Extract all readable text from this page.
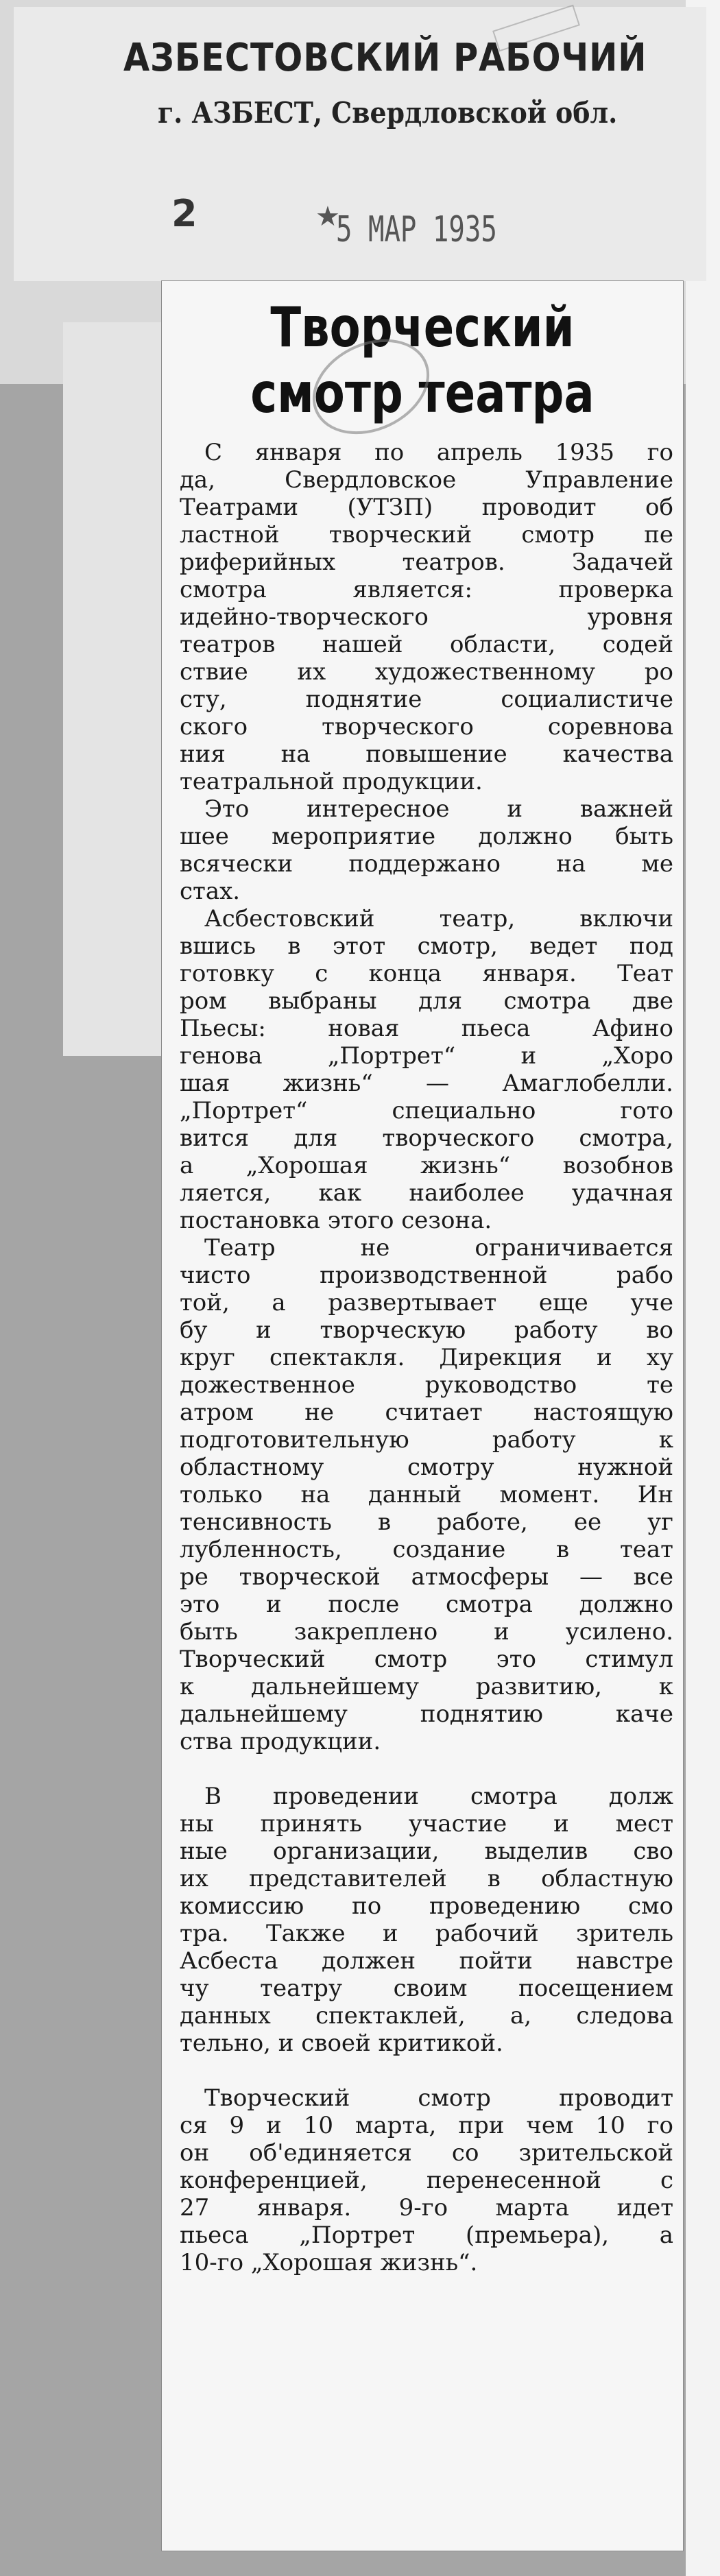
АЗБЕСТОВСКИЙ РАБОЧИЙ
г. АЗБЕСТ, Свердловской обл.
2	★
5 МАР 1935
Творческий
смотр театра
С января по апрель 1935 го
да, Свердловское Управление
Театрами (УТЗП) проводит об
ластной творческий смотр пе
риферийных театров. Задачей
смотра является: проверка
идейно-творческого уровня
театров нашей области, содей
ствие их художественному ро
сту, поднятие социалистиче
ского творческого соревнова
ния на повышение качества
театральной продукции.
Это интересное и важней
шее мероприятие должно быть
всячески поддержано на ме
стах.
Асбестовский театр, включи
вшись в этот смотр, ведет под
готовку с конца января. Теат
ром выбраны для смотра две
Пьесы: новая пьеса Афино
генова „Портрет“ и „Хоро
шая жизнь“ — Амаглобелли.
„Портрет“ специально гото
вится для творческого смотра,
а „Хорошая жизнь“ возобнов
ляется, как наиболее удачная
постановка этого сезона.
Театр не ограничивается
чисто производственной рабо
той, а развертывает еще уче
бу и творческую работу во
круг спектакля. Дирекция и ху
дожественное руководство те
атром не считает настоящую
подготовительную работу к
областному смотру нужной
только на данный момент. Ин
тенсивность в работе, ее уг
лубленность, создание в теат
ре творческой атмосферы — все
это и после смотра должно
быть закреплено и усилено.
Творческий смотр это стимул
к дальнейшему развитию, к
дальнейшему поднятию каче
ства продукции.
В проведении смотра долж
ны принять участие и мест
ные организации, выделив сво
их представителей в областную
комиссию по проведению смо
тра. Также и рабочий зритель
Асбеста должен пойти навстре
чу театру своим посещением
данных спектаклей, а, следова
тельно, и своей критикой.
Творческий смотр проводит
ся 9 и 10 марта, при чем 10 го
он об'единяется со зрительской
конференцией, перенесенной с
27 января. 9-го марта идет
пьеса „Портрет (премьера), а
10-го „Хорошая жизнь“.
